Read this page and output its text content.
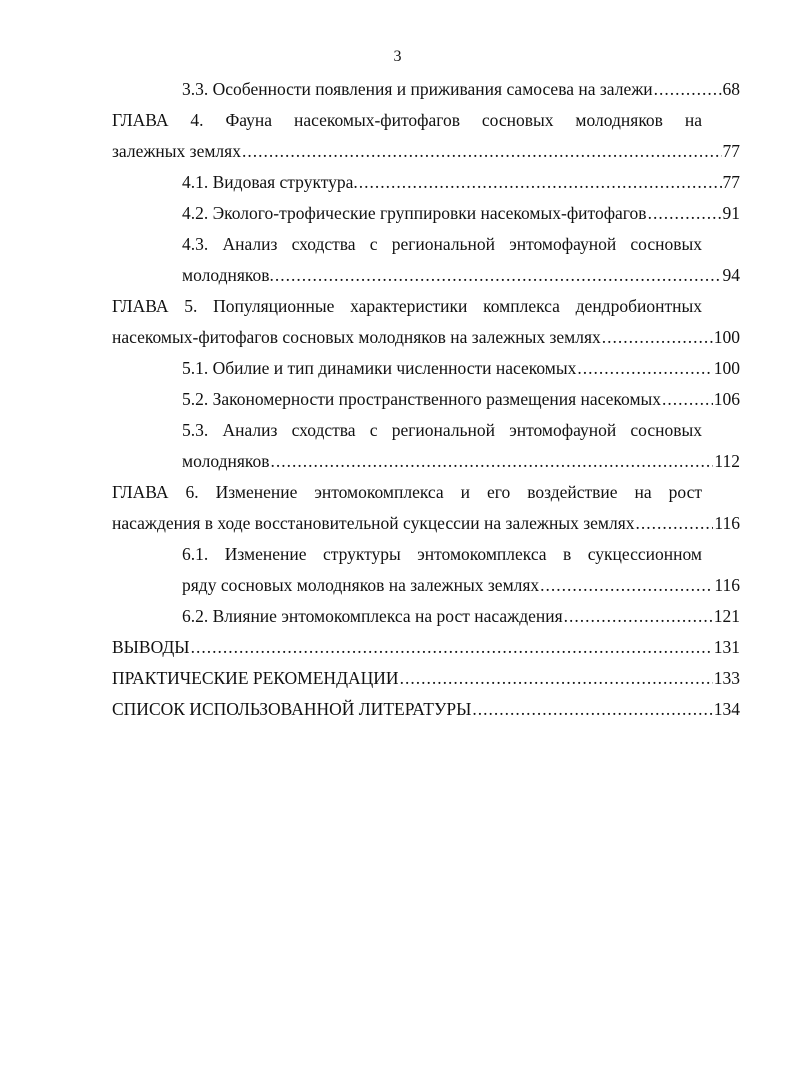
3
3.3. Особенности появления и приживания самосева на залежи .....	68
ГЛАВА 4. Фауна насекомых-фитофагов сосновых молодняков на
залежных землях .....	77
4.1. Видовая структура. .....	77
4.2. Эколого-трофические группировки насекомых-фитофагов .....	91
4.3. Анализ сходства с региональной энтомофауной сосновых
молодняков. .....	94
ГЛАВА 5. Популяционные характеристики комплекса дендробионтных
насекомых-фитофагов сосновых молодняков на залежных землях .....	100
5.1. Обилие и тип динамики численности насекомых .....	100
5.2. Закономерности пространственного размещения насекомых .....	106
5.3. Анализ сходства с региональной энтомофауной сосновых
молодняков .....	112
ГЛАВА 6. Изменение энтомокомплекса и его воздействие на рост
насаждения в ходе восстановительной сукцессии на залежных землях .....	116
6.1. Изменение структуры энтомокомплекса в сукцессионном
ряду сосновых молодняков на залежных землях .....	116
6.2. Влияние энтомокомплекса на рост насаждения .....	121
ВЫВОДЫ .....	131
ПРАКТИЧЕСКИЕ РЕКОМЕНДАЦИИ .....	133
СПИСОК ИСПОЛЬЗОВАННОЙ ЛИТЕРАТУРЫ .....	134
